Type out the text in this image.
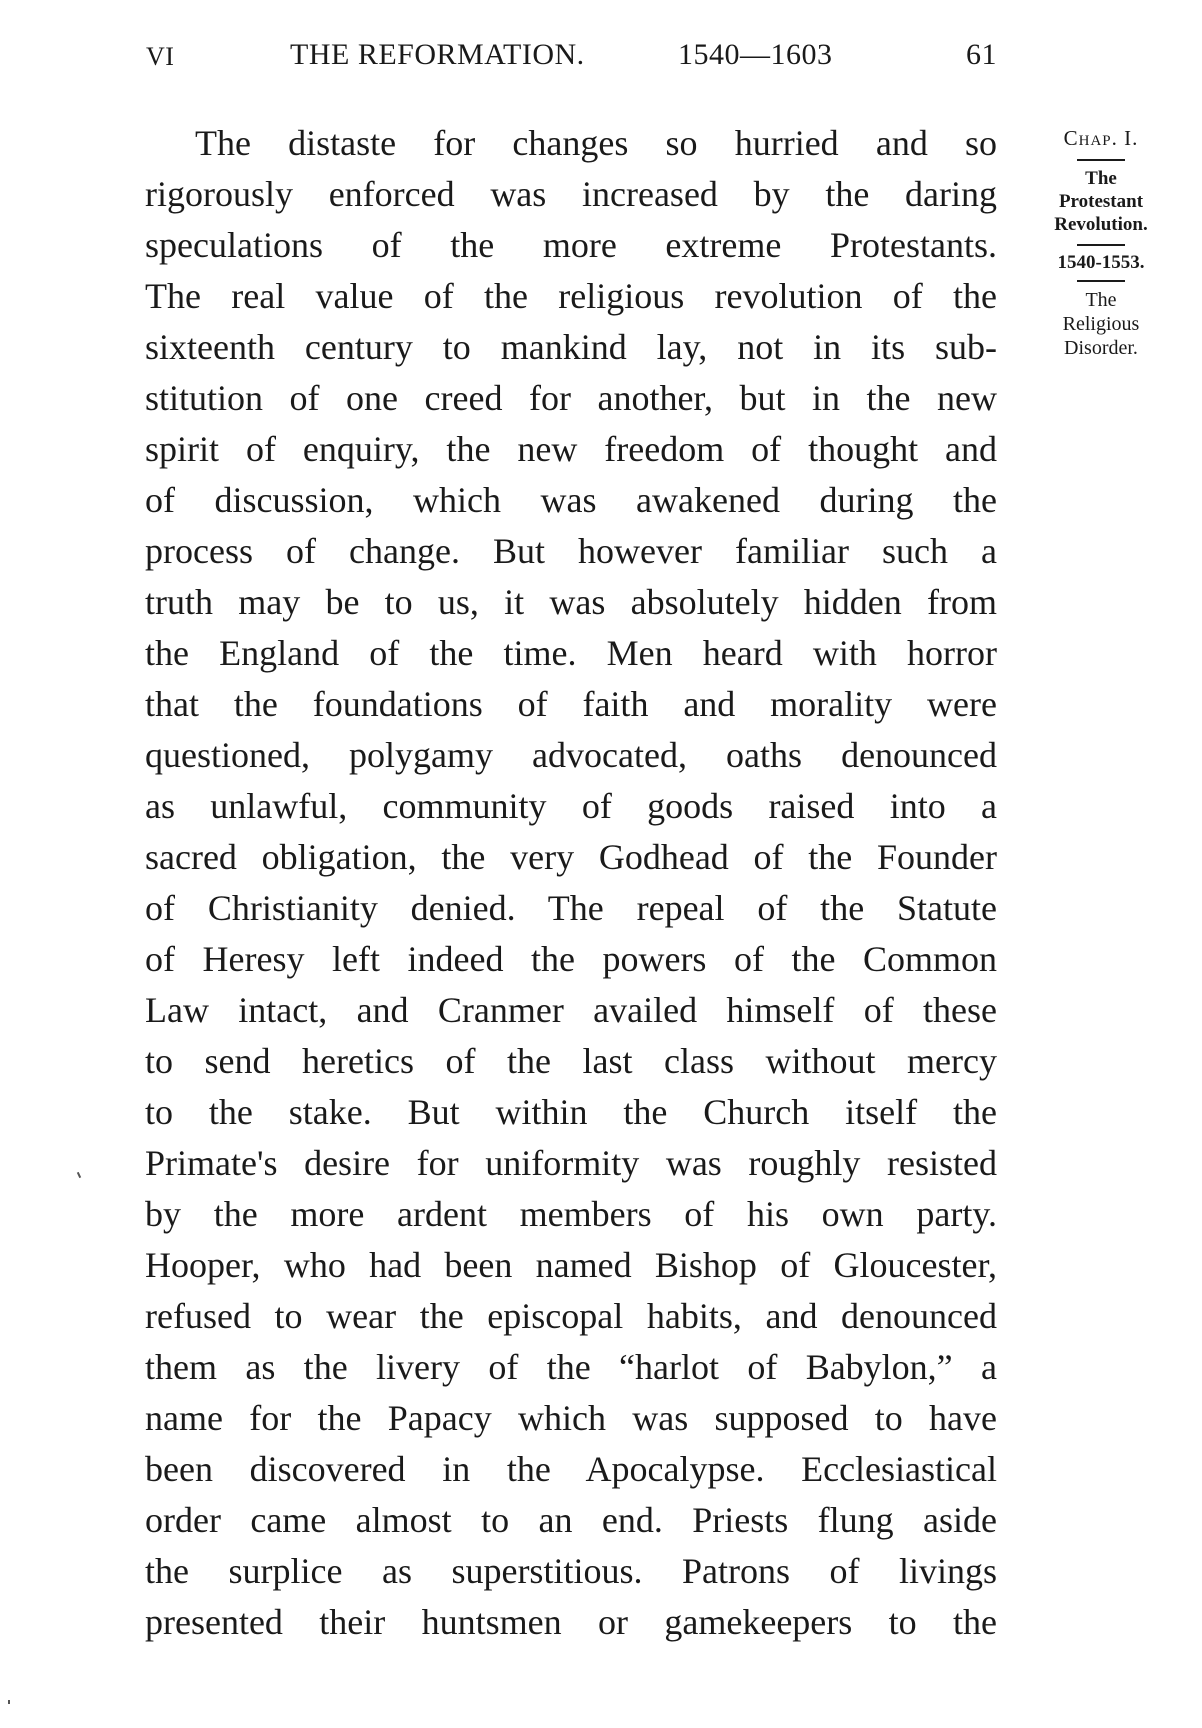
VI	THE REFORMATION.	1540—1603	61
The distaste for changes so hurried and so
rigorously enforced was increased by the daring
speculations of the more extreme Protestants.
The real value of the religious revolution of the
sixteenth century to mankind lay, not in its sub-
stitution of one creed for another, but in the new
spirit of enquiry, the new freedom of thought and
of discussion, which was awakened during the
process of change. But however familiar such a
truth may be to us, it was absolutely hidden from
the England of the time. Men heard with horror
that the foundations of faith and morality were
questioned, polygamy advocated, oaths denounced
as unlawful, community of goods raised into a
sacred obligation, the very Godhead of the Founder
of Christianity denied. The repeal of the Statute
of Heresy left indeed the powers of the Common
Law intact, and Cranmer availed himself of these
to send heretics of the last class without mercy
to the stake. But within the Church itself the
Primate's desire for uniformity was roughly resisted
by the more ardent members of his own party.
Hooper, who had been named Bishop of Gloucester,
refused to wear the episcopal habits, and denounced
them as the livery of the “harlot of Babylon,” a
name for the Papacy which was supposed to have
been discovered in the Apocalypse. Ecclesiastical
order came almost to an end. Priests flung aside
the surplice as superstitious. Patrons of livings
presented their huntsmen or gamekeepers to the
Chap. I.
The
Protestant
Revolution.
1540-1553.
The
Religious
Disorder.
